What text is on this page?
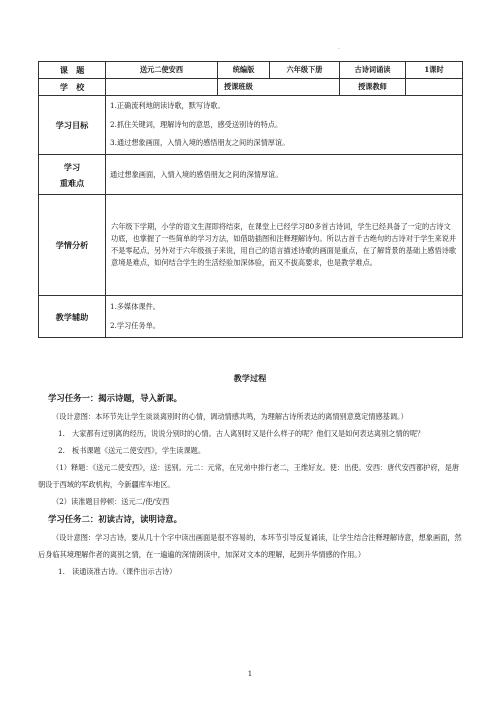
·
课　题	送元二使安西	统编版	六年级下册	古诗词诵读	1课时
学　校		授课班级		授课教师	
学习目标	1.正确流利地朗读诗歌，默写诗歌。
2.抓住关键词，理解诗句的意思，感受送别诗的特点。
3.通过想象画面，入情入境的感悟朋友之间的深情厚谊。				

学习
重难点	通过想象画面，入情入境的感悟朋友之间的深情厚谊。				
学情分析	六年级下学期，小学的语文生涯即将结束，在课堂上已经学习80多首古诗词，学生已经具备了一定的古诗文功底，也掌握了一些简单的学习方法，如借助插图和注释理解诗句。所以古首千古绝句的古诗对于学生来说并不是零起点，另外对于六年级孩子来说，用自己的语言描述诗歌的画面是重点，在了解背景的基础上感悟诗歌意境是难点，如何结合学生的生活经验加深体验，而又不拔高要求，也是教学难点。				
教学辅助	1.多媒体课件。
2.学习任务单。				

教学过程

学习任务一：揭示诗题，导入新课。

（设计意图：本环节先让学生谈谈离别时的心情，调动情感共鸣，为理解古诗所表达的离情别意奠定情感基调。）

1.　大家都有过别离的经历，说说分别时的心情。古人离别时又是什么样子的呢？他们又是如何表达离别之情的呢？

2.　板书课题《送元二使安西》，学生读课题。

（1）释题：《送元二使安西》，送：送别。元二：元常，在兄弟中排行老二，王维好友。使：出使。安西：唐代安西都护府，是唐朝设于西域的军政机构，今新疆库车地区。

（2）读准题目停顿：送元二/使/安西

学习任务二：初读古诗，读明诗意。

（设计意图：学习古诗，要从几十个字中读出画面是很不容易的，本环节引导反复诵读，让学生结合注释理解诗意，想象画面，然后身临其境理解作者的离别之情，在一遍遍的深情朗读中，加深对文本的理解，起到升华情感的作用。）

1.　读通读准古诗。（课件出示古诗）

1
